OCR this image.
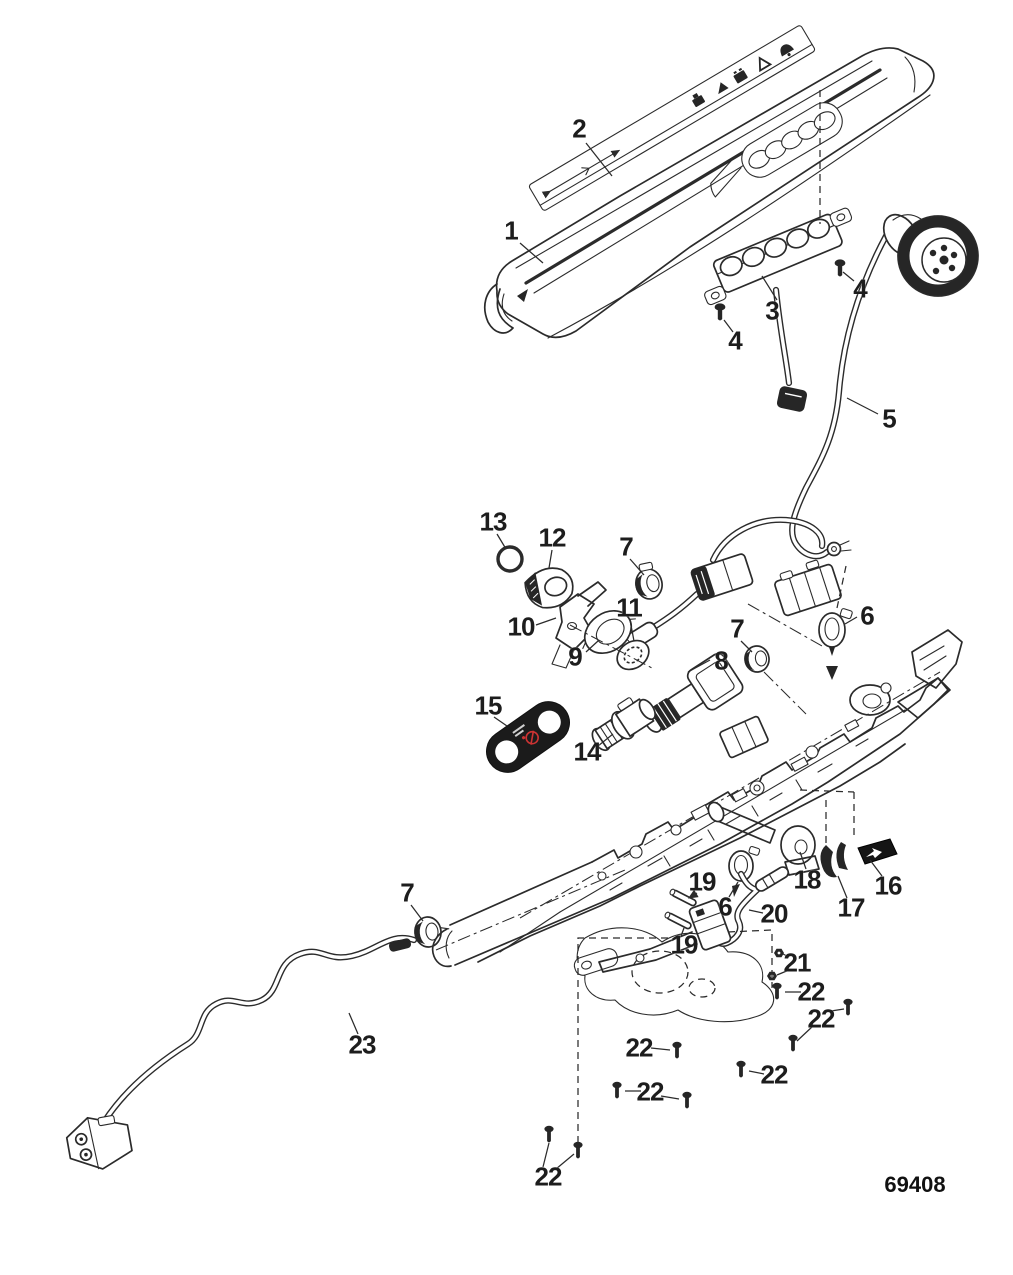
1
2
3
4
4
5
13
12 7
10
9
11	6
7
8
15
14
7	19	18
17
16
6 20
19
21
22
22
22
22
22
23
22	69408
